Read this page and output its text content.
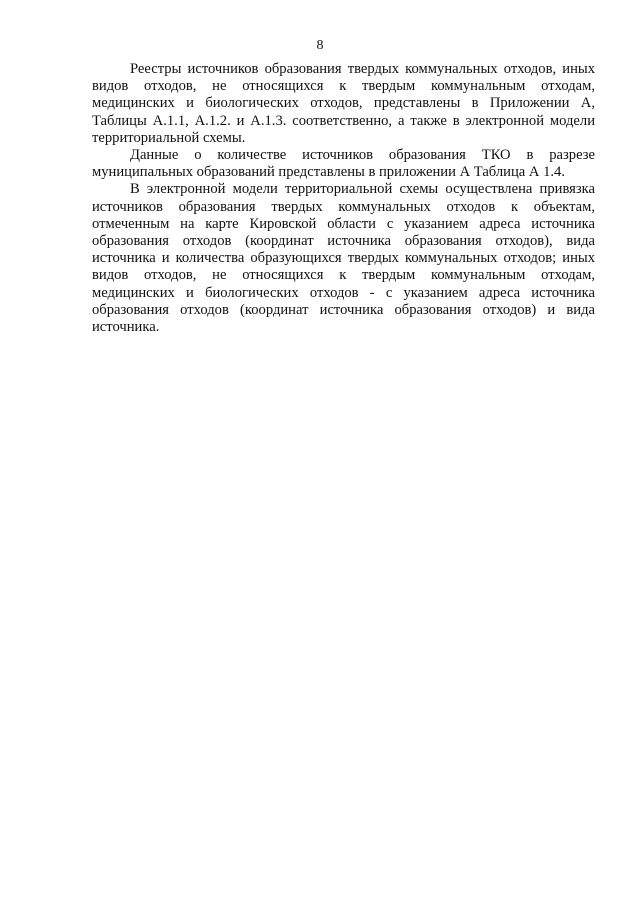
8

Реестры источников образования твердых коммунальных отходов, иных видов отходов, не относящихся к твердым коммунальным отходам, медицинских и биологических отходов, представлены в Приложении А, Таблицы А.1.1, А.1.2. и А.1.3. соответственно, а также в электронной модели территориальной схемы.

Данные о количестве источников образования ТКО в разрезе муниципальных образований представлены в приложении А Таблица А 1.4.

В электронной модели территориальной схемы осуществлена привязка источников образования твердых коммунальных отходов к объектам, отмеченным на карте Кировской области с указанием адреса источника образования отходов (координат источника образования отходов), вида источника и количества образующихся твердых коммунальных отходов; иных видов отходов, не относящихся к твердым коммунальным отходам, медицинских и биологических отходов - с указанием адреса источника образования отходов (координат источника образования отходов) и вида источника.
